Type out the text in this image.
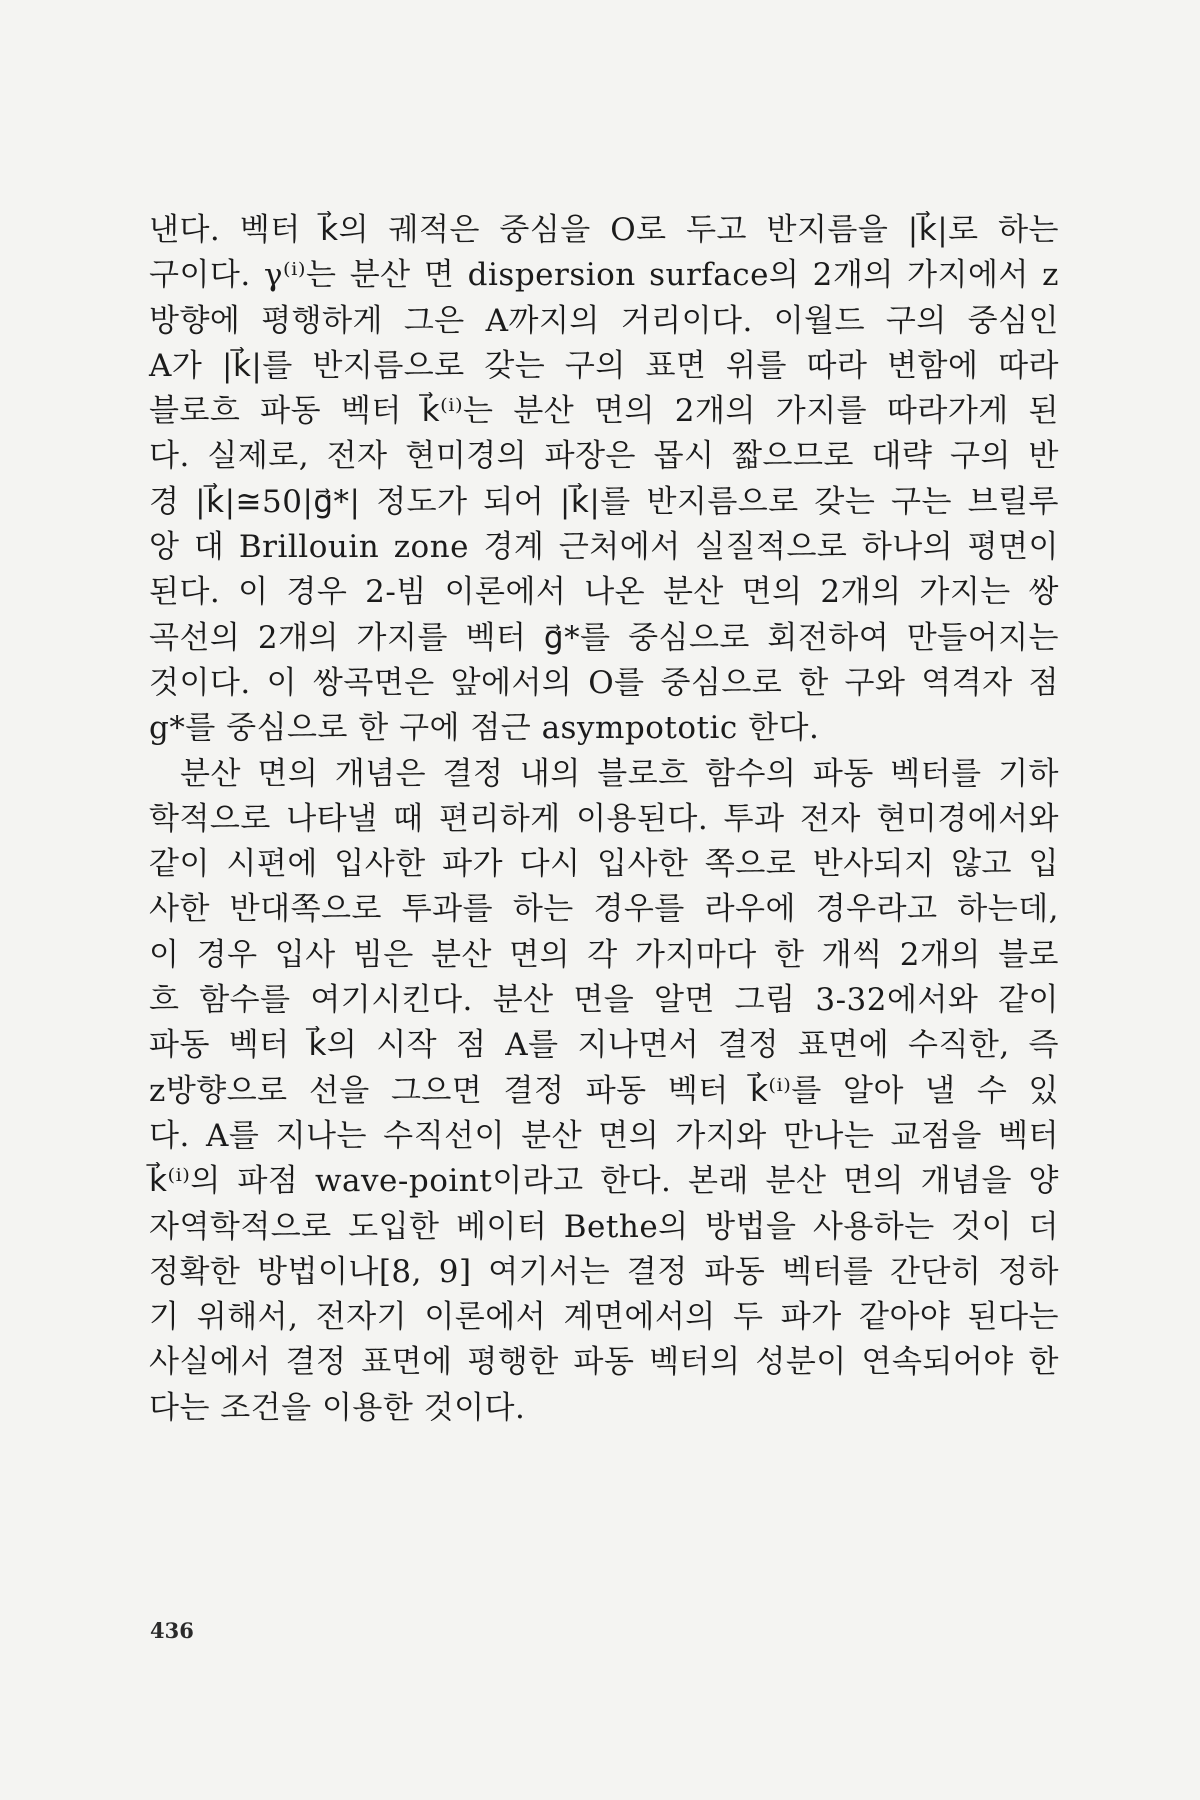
낸다. 벡터 k⃗의 궤적은 중심을 O로 두고 반지름을 |k⃗|로 하는
구이다. γ⁽ⁱ⁾는 분산 면 dispersion surface의 2개의 가지에서 z
방향에 평행하게 그은 A까지의 거리이다. 이월드 구의 중심인
A가 |k⃗|를 반지름으로 갖는 구의 표면 위를 따라 변함에 따라
블로흐 파동 벡터 k⃗⁽ⁱ⁾는 분산 면의 2개의 가지를 따라가게 된
다. 실제로, 전자 현미경의 파장은 몹시 짧으므로 대략 구의 반
경 |k⃗|≅50|g⃗*| 정도가 되어 |k⃗|를 반지름으로 갖는 구는 브릴루
앙 대 Brillouin zone 경계 근처에서 실질적으로 하나의 평면이
된다. 이 경우 2-빔 이론에서 나온 분산 면의 2개의 가지는 쌍
곡선의 2개의 가지를 벡터 g⃗*를 중심으로 회전하여 만들어지는
것이다. 이 쌍곡면은 앞에서의 O를 중심으로 한 구와 역격자 점
g*를 중심으로 한 구에 점근 asympototic 한다.
분산 면의 개념은 결정 내의 블로흐 함수의 파동 벡터를 기하
학적으로 나타낼 때 편리하게 이용된다. 투과 전자 현미경에서와
같이 시편에 입사한 파가 다시 입사한 쪽으로 반사되지 않고 입
사한 반대쪽으로 투과를 하는 경우를 라우에 경우라고 하는데,
이 경우 입사 빔은 분산 면의 각 가지마다 한 개씩 2개의 블로
흐 함수를 여기시킨다. 분산 면을 알면 그림 3-32에서와 같이
파동 벡터 k⃗의 시작 점 A를 지나면서 결정 표면에 수직한, 즉
z방향으로 선을 그으면 결정 파동 벡터 k⃗⁽ⁱ⁾를 알아 낼 수 있
다. A를 지나는 수직선이 분산 면의 가지와 만나는 교점을 벡터
k⃗⁽ⁱ⁾의 파점 wave-point이라고 한다. 본래 분산 면의 개념을 양
자역학적으로 도입한 베이터 Bethe의 방법을 사용하는 것이 더
정확한 방법이나[8, 9] 여기서는 결정 파동 벡터를 간단히 정하
기 위해서, 전자기 이론에서 계면에서의 두 파가 같아야 된다는
사실에서 결정 표면에 평행한 파동 벡터의 성분이 연속되어야 한
다는 조건을 이용한 것이다.
436
